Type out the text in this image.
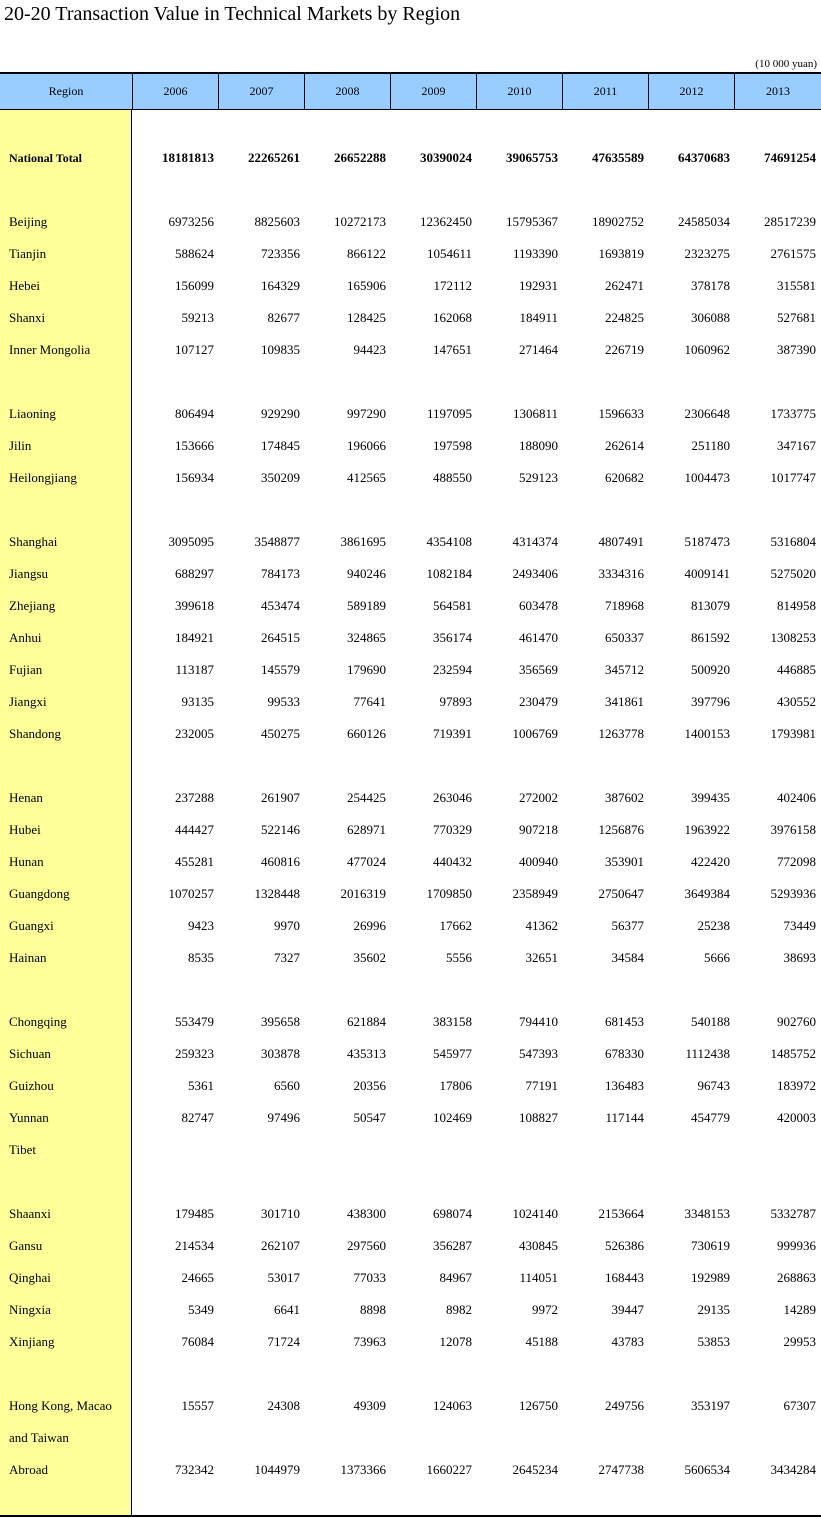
20-20 Transaction Value in Technical Markets by Region
(10 000 yuan)
Region	2006	2007	2008	2009	2010	2011	2012	2013
National Total	18181813	22265261	26652288	30390024	39065753	47635589	64370683	74691254
Beijing	6973256	8825603	10272173	12362450	15795367	18902752	24585034	28517239
Tianjin	588624	723356	866122	1054611	1193390	1693819	2323275	2761575
Hebei	156099	164329	165906	172112	192931	262471	378178	315581
Shanxi	59213	82677	128425	162068	184911	224825	306088	527681
Inner Mongolia	107127	109835	94423	147651	271464	226719	1060962	387390
Liaoning	806494	929290	997290	1197095	1306811	1596633	2306648	1733775
Jilin	153666	174845	196066	197598	188090	262614	251180	347167
Heilongjiang	156934	350209	412565	488550	529123	620682	1004473	1017747
Shanghai	3095095	3548877	3861695	4354108	4314374	4807491	5187473	5316804
Jiangsu	688297	784173	940246	1082184	2493406	3334316	4009141	5275020
Zhejiang	399618	453474	589189	564581	603478	718968	813079	814958
Anhui	184921	264515	324865	356174	461470	650337	861592	1308253
Fujian	113187	145579	179690	232594	356569	345712	500920	446885
Jiangxi	93135	99533	77641	97893	230479	341861	397796	430552
Shandong	232005	450275	660126	719391	1006769	1263778	1400153	1793981
Henan	237288	261907	254425	263046	272002	387602	399435	402406
Hubei	444427	522146	628971	770329	907218	1256876	1963922	3976158
Hunan	455281	460816	477024	440432	400940	353901	422420	772098
Guangdong	1070257	1328448	2016319	1709850	2358949	2750647	3649384	5293936
Guangxi	9423	9970	26996	17662	41362	56377	25238	73449
Hainan	8535	7327	35602	5556	32651	34584	5666	38693
Chongqing	553479	395658	621884	383158	794410	681453	540188	902760
Sichuan	259323	303878	435313	545977	547393	678330	1112438	1485752
Guizhou	5361	6560	20356	17806	77191	136483	96743	183972
Yunnan	82747	97496	50547	102469	108827	117144	454779	420003
Tibet
Shaanxi	179485	301710	438300	698074	1024140	2153664	3348153	5332787
Gansu	214534	262107	297560	356287	430845	526386	730619	999936
Qinghai	24665	53017	77033	84967	114051	168443	192989	268863
Ningxia	5349	6641	8898	8982	9972	39447	29135	14289
Xinjiang	76084	71724	73963	12078	45188	43783	53853	29953
Hong Kong, Macao	15557	24308	49309	124063	126750	249756	353197	67307
and Taiwan
Abroad	732342	1044979	1373366	1660227	2645234	2747738	5606534	3434284
